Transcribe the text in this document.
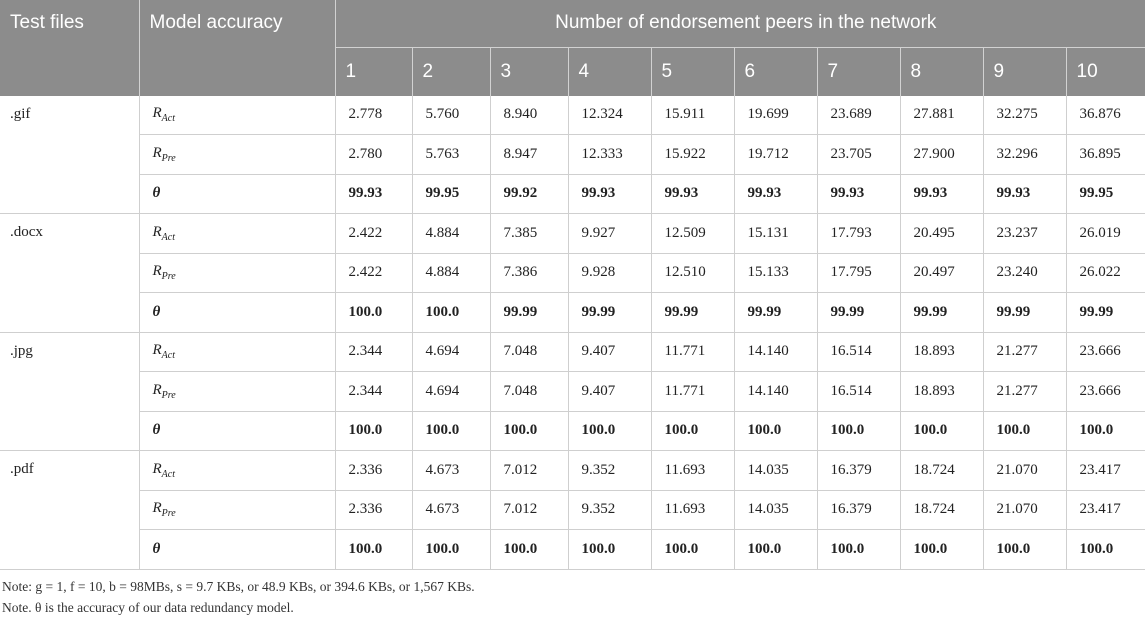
Test files	Model accuracy	Number of endorsement peers in the network									
		1	2	3	4	5	6	7	8	9	10
.gif	$R_{Act}$	2.778	5.760	8.940	12.324	15.911	19.699	23.689	27.881	32.275	36.876
	$R_{Pre}$	2.780	5.763	8.947	12.333	15.922	19.712	23.705	27.900	32.296	36.895
	θ	99.93	99.95	99.92	99.93	99.93	99.93	99.93	99.93	99.93	99.95
.docx	$R_{Act}$	2.422	4.884	7.385	9.927	12.509	15.131	17.793	20.495	23.237	26.019
	$R_{Pre}$	2.422	4.884	7.386	9.928	12.510	15.133	17.795	20.497	23.240	26.022
	θ	100.0	100.0	99.99	99.99	99.99	99.99	99.99	99.99	99.99	99.99
.jpg	$R_{Act}$	2.344	4.694	7.048	9.407	11.771	14.140	16.514	18.893	21.277	23.666
	$R_{Pre}$	2.344	4.694	7.048	9.407	11.771	14.140	16.514	18.893	21.277	23.666
	θ	100.0	100.0	100.0	100.0	100.0	100.0	100.0	100.0	100.0	100.0
.pdf	$R_{Act}$	2.336	4.673	7.012	9.352	11.693	14.035	16.379	18.724	21.070	23.417
	$R_{Pre}$	2.336	4.673	7.012	9.352	11.693	14.035	16.379	18.724	21.070	23.417
	θ	100.0	100.0	100.0	100.0	100.0	100.0	100.0	100.0	100.0	100.0

Note: g = 1, f = 10, b = 98MBs, s = 9.7 KBs, or 48.9 KBs, or 394.6 KBs, or 1,567 KBs.

Note. θ is the accuracy of our data redundancy model.
